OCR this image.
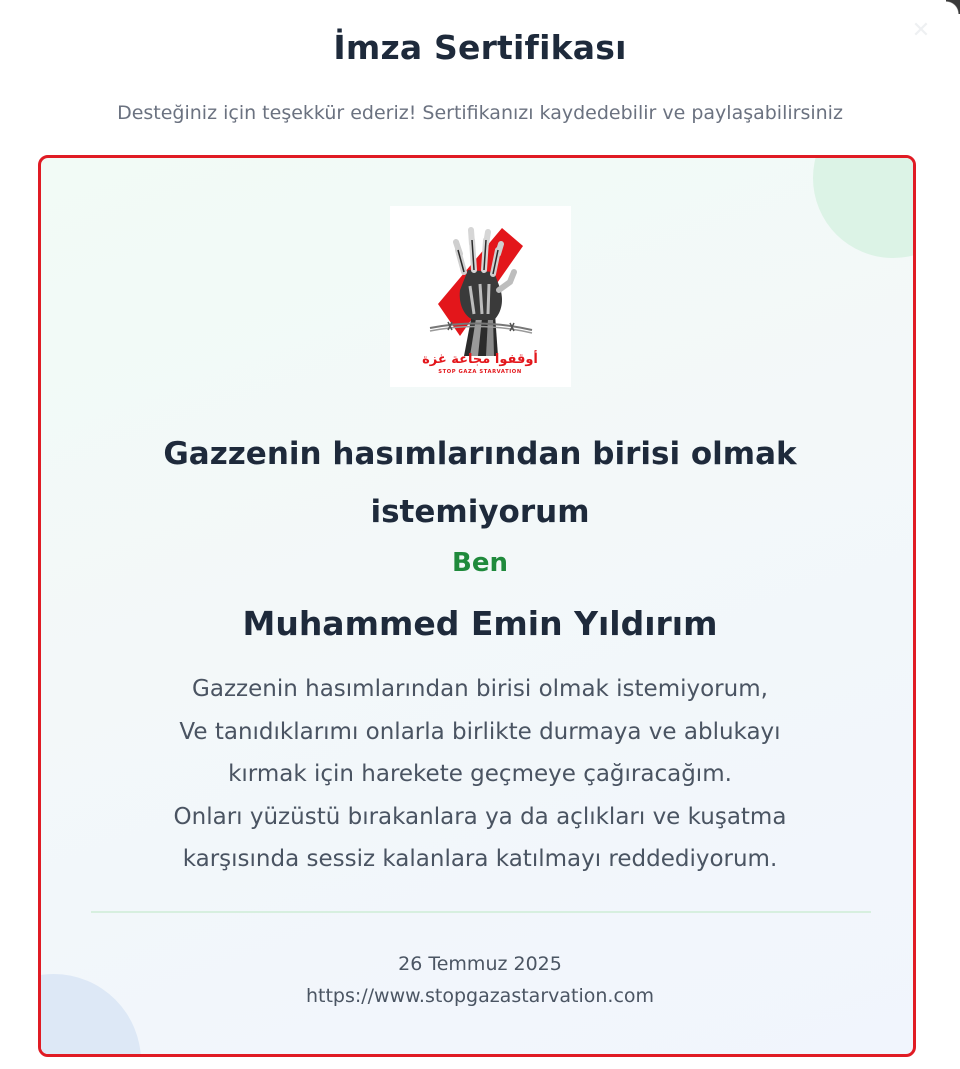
✕
İmza Sertifikası
Desteğiniz için teşekkür ederiz! Sertifikanızı kaydedebilir ve paylaşabilirsiniz
أوقفوا مجاعة غزة
STOP GAZA STARVATION
Gazzenin hasımlarından birisi olmak
istemiyorum
Ben
Muhammed Emin Yıldırım
Gazzenin hasımlarından birisi olmak istemiyorum,
Ve tanıdıklarımı onlarla birlikte durmaya ve ablukayı
kırmak için harekete geçmeye çağıracağım.
Onları yüzüstü bırakanlara ya da açlıkları ve kuşatma
karşısında sessiz kalanlara katılmayı reddediyorum.
26 Temmuz 2025
https://www.stopgazastarvation.com
